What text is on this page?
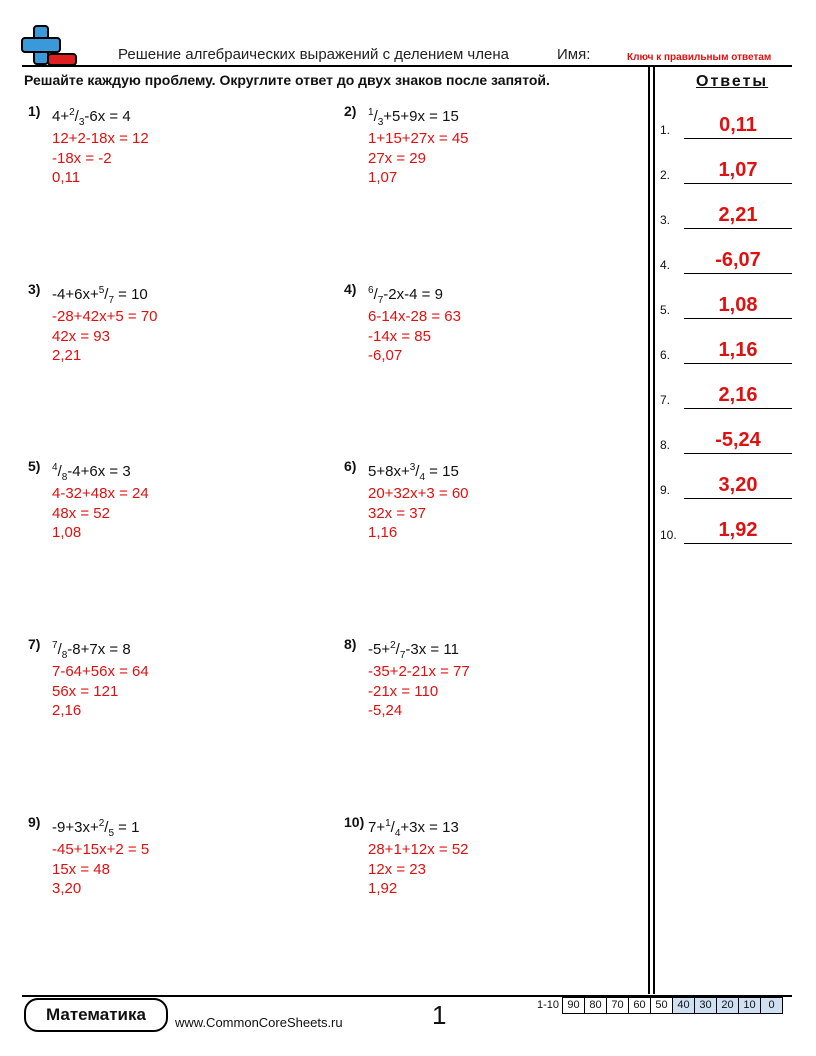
Решение алгебраических выражений с делением члена	Имя:	Ключ к правильным ответам
Решайте каждую проблему. Округлите ответ до двух знаков после запятой.	Ответы
1) $4+^2/_3-6x = 4$
12+2-18x = 12
-18x = -2
0,11
2) $^1/_3+5+9x = 15$
1+15+27x = 45
27x = 29
1,07
3) $-4+6x+^5/_7 = 10$
-28+42x+5 = 70
42x = 93
2,21
4) $^6/_7-2x-4 = 9$
6-14x-28 = 63
-14x = 85
-6,07
5) $^4/_8-4+6x = 3$
4-32+48x = 24
48x = 52
1,08
6) $5+8x+^3/_4 = 15$
20+32x+3 = 60
32x = 37
1,16
7) $^7/_8-8+7x = 8$
7-64+56x = 64
56x = 121
2,16
8) $-5+^2/_7-3x = 11$
-35+2-21x = 77
-21x = 110
-5,24
9) $-9+3x+^2/_5 = 1$
-45+15x+2 = 5
15x = 48
3,20
10) $7+^1/_4+3x = 13$
28+1+12x = 52
12x = 23
1,92
1.	0,11
2.	1,07
3.	2,21
4.	-6,07
5.	1,08
6.	1,16
7.	2,16
8.	-5,24
9.	3,20
10.	1,92
Математика	www.CommonCoreSheets.ru	1	1-10 90 80 70 60 50 40 30 20 10	0
